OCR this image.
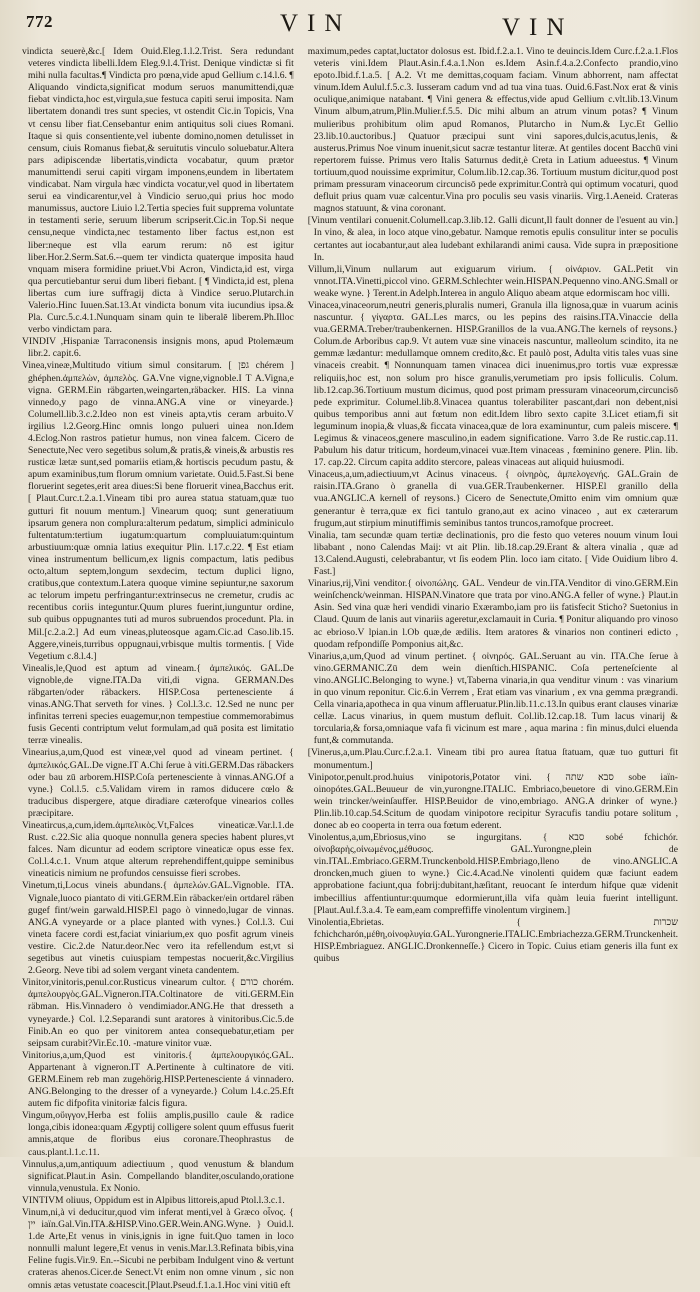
772	VIN	VIN

vindicta seuerè,&c.[ Idem Ouid.Eleg.1.l.2.Trist. Sera redundant veteres vindicta libelli.Idem Eleg.9.l.4.Trist. Denique vindictæ si fit mihi nulla facultas.¶ Vindicta pro pœna,vide apud Gellium c.14.l.6. ¶ Aliquando vindicta,significat modum seruos manumittendi,quæ fiebat vindicta,hoc est,virgula,sue festuca capiti serui imposita. Nam libertatem donandi tres sunt species, vt ostendit Cic.in Topicis, Vna vt censu liber fiat.Censebantur enim antiquitus soli ciues Romani. Itaque si quis consentiente,vel iubente domino,nomen detulisset in censum, ciuis Romanus fiebat,& seruitutis vinculo soluebatur.Altera pars adipiscendæ libertatis,vindicta vocabatur, quum prætor manumittendi serui capiti virgam imponens,eundem in libertatem vindicabat. Nam virgula hæc vindicta vocatur,vel quod in libertatem serui ea vindicarentur,vel à Vindicio seruo,qui prius hoc modo manumissus, auctore Liuio l.2.Tertia species fuit supprema voluntate in testamenti serie, seruum liberum scripserit.Cic.in Top.Si neque censu,neque vindicta,nec testamento liber factus est,non est liber:neque est vlla earum rerum: nō est igitur liber.Hor.2.Serm.Sat.6.--quem ter vindicta quaterque imposita haud vnquam misera formidine priuet.Vbi Acron, Vindicta,id est, virga qua percutiebantur serui dum liberi fiebant. [ ¶ Vindicta,id est, plena libertas cum iure suffragij dicta à Vindice seruo.Plutarch.in Valerio.Hinc Iuuen.Sat.13.At vindicta bonum vita iucundius ipsa.& Pla. Curc.5.c.4.1.Nunquam sinam quin te liberalē liberem.Ph.Illoc verbo vindictam para.

VINDIV ,Hispaniæ Tarraconensis insignis mons, apud Ptolemæum libr.2. capit.6.

Vinea,vineæ,Multitudo vitium simul consitarum. [ גפן chérem ] ghéphen.ἀμπελὼν, ἀμπελὸς. GA.Vne vigne,vignoble.I T A.Vigna,e vigna. GERM.Ein räbgarten,weingarten,räbacker. HIS. La vinna vinnedo,y pago de vinna.ANG.A vine or vineyarde.} Columell.lib.3.c.2.Ideo non est vineis apta,vtis ceram arbuito.V irgilius l.2.Georg.Hinc omnis longo pulueri uinea non.Idem 4.Eclog.Non rastros patietur humus, non vinea falcem. Cicero de Senectute,Nec vero segetibus solum,& pratis,& vineis,& arbustis res rusticæ lætæ sunt,sed pomariis etiam,& hortiscis pecudum pastu, & apum examinibus,tum florum omnium varietate. Ouid.5.Fast.Si bene floruerint segetes,erit area diues:Si bene floruerit vinea,Bacchus erit. [ Plaut.Curc.t.2.a.1.Vineam tibi pro aurea statua statuam,quæ tuo gutturi fit nouum mentum.] Vinearum quoq; sunt generatiuum ipsarum genera non complura:alterum pedatum, simplici adminiculo fultentatum:tertium iugatum:quartum compluuiatum:quintum arbustiuum:quæ omnia latius exequitur Plin. l.17.c.22. ¶ Est etiam vinea instrumentum bellicum,ex lignis compactum, latis pedibus octo,altum septem,longum sexdecim, tectum duplici ligno, cratibus,que contextum.Latera quoque vimine sepiuntur,ne saxorum ac telorum impetu perfringantur:extrinsecus ne cremetur, crudis ac recentibus coriis integuntur.Quum plures fuerint,iunguntur ordine, sub quibus oppugnantes tuti ad muros subruendos procedunt. Pla. in Mil.[c.2.a.2.] Ad eum vineas,pluteosque agam.Cic.ad Caso.lib.15. Aggere,vineis,turribus oppugnaui,vrbisque multis tormentis. [ Vide Vegetium c.8.l.4.]

Vinealis,le,Quod est aptum ad vineam.{ ἀμπελικός. GAL.De vignoble,de vigne.ITA.Da viti,di vigna. GERMAN.Des räbgarten/oder räbackers. HISP.Cosa pertenesciente á vinas.ANG.That serveth for vines. } Col.l.3.c. 12.Sed ne nunc per infinitas terreni species euagemur,non tempestiue commemorabimus fusis Gecenti contriptum velut formulam,ad quā posita est limitatio terræ vinealis.

Vinearius,a,um,Quod est vineæ,vel quod ad vineam pertinet. { ἀμπελικός.GAL.De vigne.IT A.Chi ſerue à viti.GERM.Das räbackers oder bau zū arborem.HISP.Coſa pertenesciente à vinnas.ANG.Of a vyne.} Col.l.5. c.5.Validam virem in ramos diducere cœlo & traducibus dispergere, atque diradiare cæterofque vinearios colles præcipitare.

Vineatircus,a,cum,idem.ἀμπελικὸς.Vt,Falces vineaticæ.Var.l.1.de Rust. c.22.Sic alia quoque nonnulla genera species habent plures,vt falces. Nam dicuntur ad eodem scriptore vineaticæ opus esse fex. Col.l.4.c.1. Vnum atque alterum reprehendiffent,quippe seminibus vineaticis nimium ne profundos censuisse fieri scrobes.

Vinetum,ti,Locus vineis abundans.{ ἀμπελών.GAL.Vignoble. ITA. Vignale,luoco piantato di viti.GERM.Ein räbacker/ein ortdarel räben gugef fint/wein garwald.HISP.El pago ò vinnedo,lugar de vinnas. ANG.A vyneyarde or a place planted with vynes.} Col.l.3. Cui vineta facere cordi est,faciat viniarium,ex quo posfit agrum vineis vestire. Cic.2.de Natur.deor.Nec vero ita refellendum est,vt si segetibus aut vinetis cuiuspiam tempestas nocuerit,&c.Virgilius 2.Georg. Neve tibi ad solem vergant vineta candentem.

Vinitor,vinitoris,penul.cor.Rusticus vinearum cultor. { כורם chorém. ἀμπελουργὸς.GAL.Vigneron.ITA.Coltinatore de viti.GERM.Ein räbman. His.Vinnadero ò vendimiador.ANG.He that dresseth a vyneyarde.} Col. l.2.Separandi sunt aratores à vinitoribus.Cic.5.de Finib.An eo quo per vinitorem antea consequebatur,etiam per seipsam curabit?Vir.Ec.10. -mature vinitor vuæ.

Vinitorius,a,um,Quod est vinitoris.{ ἀμπελουργικός.GAL. Appartenant à vigneron.IT A.Pertinente à cultinatore de viti. GERM.Einem reb man zugehörig.HISP.Pertenesciente á vinnadero. ANG.Belonging to the dresser of a vyneyarde.} Colum l.4.c.25.Eft autem fic difpofita vinitoriæ falcis figura.

Vingum,οὔιγγον,Herba est foliis amplis,pusillo caule & radice longa,cibis idonea:quam Ægyptij colligere solent quum effusus fuerit amnis,atque de floribus eius coronare.Theophrastus de caus.plant.l.1.c.11.

Vinnulus,a,um,antiquum adiectiuum , quod venustum & blandum significat.Plaut.in Asin. Compellando blanditer,osculando,oratione vinnula,venustula. Ex Nonio.

VINTIVM oliuus, Oppidum est in Alpibus littoreis,apud Ptol.l.3.c.1.

Vinum,ni,à vi deducitur,quod vim inferat menti,vel à Græco οἶνος. { יין iaïn.Gal.Vin.ITA.&HISP.Vino.GER.Wein.ANG.Wyne. } Ouid.l. 1.de Arte,Et venus in vinis,ignis in igne fuit.Quo tamen in loco nonnulli malunt legere,Et venus in venis.Mar.l.3.Refinata bibis,vina Feline fugis.Vir.9. En.--Sicubi ne perbibam Indulgent vino & vertunt crateras ahenos.Cicer.de Senect.Vt enim non omne vinum , sic non omnis ætas vetustate coacescit.[Plaut.Pseud.f.1.a.1.Hoc vini vitiū eft

maximum,pedes captat,luctator dolosus est. Ibid.f.2.a.1. Vino te deuincis.Idem Curc.f.2.a.1.Flos veteris vini.Idem Plaut.Asin.f.4.a.1.Non es.Idem Asin.f.4.a.2.Confecto prandio,vino epoto.Ibid.f.1.a.5. [ A.2. Vt me demittas,coquam faciam. Vinum abhorrent, nam affectat vinum.Idem Aulul.f.5.c.3. Iusseram cadum vnd ad tua vina tuas. Ouid.6.Fast.Nox erat & vinis oculique,animique natabant. ¶ Vini genera & effectus,vide apud Gellium c.vlt.lib.13.Vinum Vinum album,atrum,Plin.Mulier.f.5.5. Dic mihi album an atrum vinum potas? ¶ Vinum mulieribus prohibitum olim apud Romanos, Plutarcho in Num.& Lyc.Et Gellio 23.lib.10.auctoribus.] Quatuor præcipui sunt vini sapores,dulcis,acutus,lenis, & austerus.Primus Noe vinum inuenit,sicut sacræ testantur literæ. At gentiles docent Bacchū vini repertorem fuisse. Primus vero Italis Saturnus dedit,è Creta in Latium adueestus. ¶ Vinum tortiuum,quod nouissime exprimitur, Colum.lib.12.cap.36. Tortiuum mustum dicitur,quod post primam pressuram vinaceorum circuncisō pede exprimitur.Contrà qui optimum vocaturi, quod defluit prius quam vuæ calcentur.Vina pro poculis seu vasis vinariis. Virg.1.Aeneid. Crateras magnos statuunt, & vina coronant.

[Vinum ventilari conuenit.Columell.cap.3.lib.12. Galli dicunt,Il fault donner de l'esuent au vin.] In vino, & alea, in loco atque vino,gebatur. Namque remotis epulis consulitur inter se poculis certantes aut iocabantur,aut alea ludebant exhilarandi animi causa. Vide supra in præpositione In.

Villum,li,Vinum nullarum aut exiguarum virium. { οἰνάριον. GAL.Petit vin vnnot.ITA.Vinetti,piccol vino. GERM.Schlechter wein.HISPAN.Pequenno vino.ANG.Small or weake wyne. } Terent.in Adelph.Interea in angulo Aliquo abeam atque edormiscam hoc villi.

Vinacea,vinaceorum,neutri generis,pluralis numeri, Granula illa lignosa,quæ in vuarum acinis nascuntur. { γίγαρτα. GAL.Les marcs, ou les pepins des raisins.ITA.Vinaccie della vua.GERMA.Treber/traubenkernen. HISP.Granillos de la vua.ANG.The kernels of reysons.} Colum.de Arboribus cap.9. Vt autem vuæ sine vinaceis nascuntur, malleolum scindito, ita ne gemmæ lædantur: medullamque omnem credito,&c. Et paulò post, Adulta vitis tales vuas sine vinaceis creabit. ¶ Nonnunquam tamen vinacea dici inuenimus,pro tortis vuæ expressæ reliquiis,hoc est, non solum pro hisce granulis,verumetiam pro ipsis folliculis. Colum. lib.12.cap.36.Tortiuum mustum dicimus, quod post primam pressuram vinaceorum,circuncisō pede exprimitur. Columel.lib.8.Vinacea quantus tolerabiliter pascant,dari non debent,nisi quibus temporibus anni aut fœtum non edit.Idem libro sexto capite 3.Licet etiam,fi sit leguminum inopia,& vluas,& ficcata vinacea,quæ de lora examinuntur, cum paleis miscere. ¶ Legimus & vinaceos,genere masculino,in eadem significatione. Varro 3.de Re rustic.cap.11. Pabulum his datur triticum, hordeum,vinacei vuæ.Item vinaceas , fœminino genere. Plin. lib. 17. cap.22. Circum capita addito stercore, paleas vinaceas aut aliquid huiusmodi.

Vinaceus,a,um,adiectiuum,vt Acinus vinaceus. { οἰνηρὸς, ἀμπελογενής. GAL.Grain de raisin.ITA.Grano ò granella di vua.GER.Traubenkerner. HISP.El granillo della vua.ANGLIC.A kernell of reysons.} Cicero de Senectute,Omitto enim vim omnium quæ generantur è terra,quæ ex fici tantulo grano,aut ex acino vinaceo , aut ex cæterarum frugum,aut stirpium minutiffimis seminibus tantos truncos,ramofque procreet.

Vinalia, tam secundæ quam tertiæ declinationis, pro die festo quo veteres nouum vinum Ioui libabant , nono Calendas Maij: vt ait Plin. lib.18.cap.29.Erant & altera vinalia , quæ ad 13.Calend.Augusti, celebrabantur, vt ſis eodem Plin. loco iam citato. [ Vide Ouidium libro 4. Fast.]

Vinarius,rij,Vini venditor.{ οἰνοπώλης. GAL. Vendeur de vin.ITA.Venditor di vino.GERM.Ein weinſchenck/weinman. HISPAN.Vinatore que trata por vino.ANG.A feller of wyne.} Plaut.in Asin. Sed vina quæ heri vendidi vinario Exærambo,iam pro iis fatisfecit Sticho? Suetonius in Claud. Quum de lanis aut vinariis ageretur,exclamauit in Curia. ¶ Ponitur aliquando pro vinoso ac ebrioso.V lpian.in l.Ob quæ,de ædilis. Item aratores & vinarios non contineri edicto , quodam refpondiſſe Pomponius ait,&c.

Vinarius,a,um,Quod ad vinum pertinet. { οἰνηρός. GAL.Seruant au vin. ITA.Che ſerue à vino.GERMANIC.Zū dem wein dienſtich.HISPANIC. Coſa perteneſciente al vino.ANGLIC.Belonging to wyne.} vt,Taberna vinaria,in qua venditur vinum : vas vinarium in quo vinum reponitur. Cic.6.in Verrem , Erat etiam vas vinarium , ex vna gemma prægrandi. Cella vinaria,apotheca in qua vinum affleruatur.Plin.lib.11.c.13.In quibus erant clauses vinariæ cellæ. Lacus vinarius, in quem mustum defluit. Col.lib.12.cap.18. Tum lacus vinarij & torcularia,& forsa,omniaque vafa fi vicinum est mare , aqua marina : fin minus,dulci eluenda funt,& commutanda.

[Vinerus,a,um.Plau.Curc.f.2.a.1. Vineam tibi pro aurea ſtatua ſtatuam, quæ tuo gutturi fit monumentum.]

Vinipotor,penult.prod.huius vinipotoris,Potator vini. { סבא שתה sobe iaïn-oinopótes.GAL.Beuueur de vin,yurongne.ITALIC. Embriaco,beuetore di vino.GERM.Ein wein trincker/weinſauffer. HISP.Beuidor de vino,embriago. ANG.A drinker of wyne.} Plin.lib.10.cap.54.Scitum de quodam vinipotore recipitur Syracufis tandiu potare solitum , donec ab eo cooperta in terra oua fœtum ederent.

Vinolentus,a,um,Ebriosus,vino se ingurgitans. { סבא sobé fchichór. οἰνοβαρὴς,οἰνωμένος,μέθυσος. GAL.Yurongne,plein de vin.ITAL.Embriaco.GERM.Trunckenbold.HISP.Embriago,lleno de vino.ANGLIC.A droncken,much giuen to wyne.} Cic.4.Acad.Ne vinolenti quidem quæ faciunt eadem approbatione faciunt,qua fobrij:dubitant,hæſitant, reuocant ſe interdum hifque quæ videnit imbecillius affentiuntur:quumque edormierunt,illa vifa quàm leuia fuerint intelligunt. [Plaut.Aul.f.3.a.4. Te eam,eam compreffiffe vinolentum virginem.]

Vinolentia,Ebrietas. { שכרות fchichcharón,μέθη,οἰνοφλυγία.GAL.Yurongnerie.ITALIC.Embriachezza.GERM.Trunckenheit. HISP.Embriaguez. ANGLIC.Dronkenneſſe.} Cicero in Topic. Cuius etiam generis illa funt ex quibus
